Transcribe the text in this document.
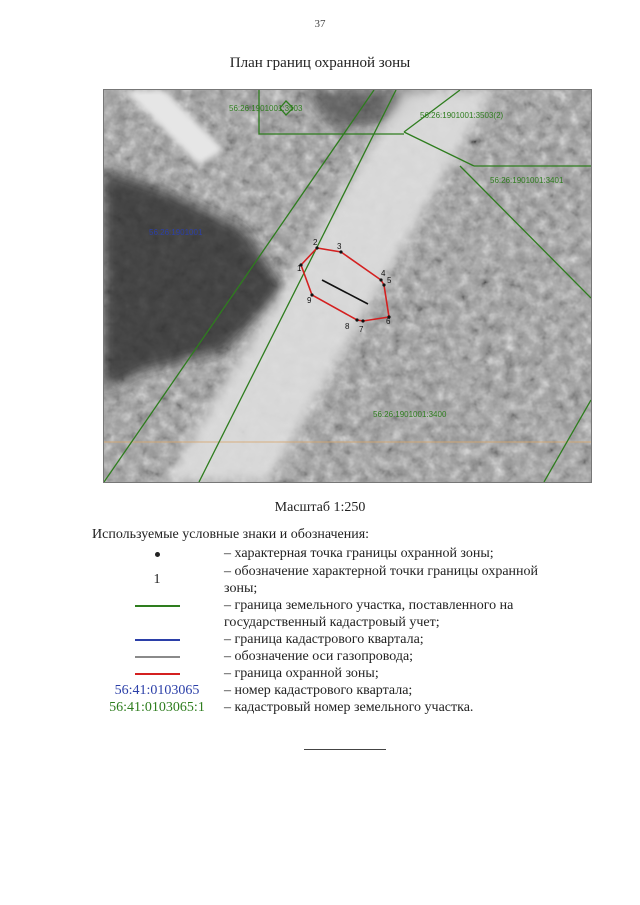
37
План границ охранной зоны
1
2 3
4
5
6
7
8
9
56:26:1901001:3503
56:26:1901001:3503(2)
56:26:1901001:3401
56:26:1901001
56:26:1901001:3400
Масштаб 1:250
Используемые условные знаки и обозначения:
– характерная точка границы охранной зоны;
1
– обозначение характерной точки границы охранной зоны;
– граница земельного участка, поставленного на государственный кадастровый учет;
– граница кадастрового квартала;
– обозначение оси газопровода;
– граница охранной зоны;
56:41:0103065 – номер кадастрового квартала;
56:41:0103065:1 – кадастровый номер земельного участка.
